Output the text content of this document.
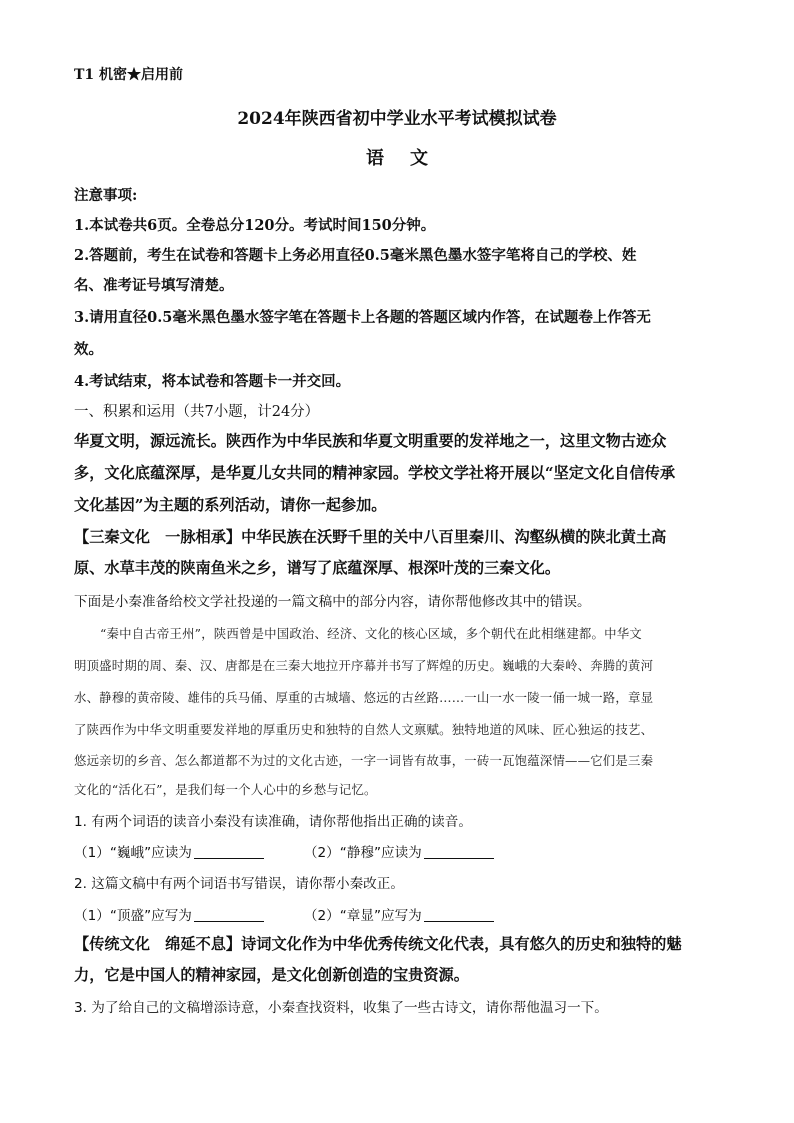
T1 机密★启用前
2024年陕西省初中学业水平考试模拟试卷
语文
注意事项:
1.本试卷共6页。全卷总分120分。考试时间150分钟。
2.答题前，考生在试卷和答题卡上务必用直径0.5毫米黑色墨水签字笔将自己的学校、姓
名、准考证号填写清楚。
3.请用直径0.5毫米黑色墨水签字笔在答题卡上各题的答题区域内作答，在试题卷上作答无
效。
4.考试结束，将本试卷和答题卡一并交回。
一、积累和运用（共7小题，计24分）
华夏文明，源远流长。陕西作为中华民族和华夏文明重要的发祥地之一，这里文物古迹众
多，文化底蕴深厚，是华夏儿女共同的精神家园。学校文学社将开展以“坚定文化自信传承
文化基因”为主题的系列活动，请你一起参加。
【三秦文化　一脉相承】中华民族在沃野千里的关中八百里秦川、沟壑纵横的陕北黄土高
原、水草丰茂的陕南鱼米之乡，谱写了底蕴深厚、根深叶茂的三秦文化。
下面是小秦准备给校文学社投递的一篇文稿中的部分内容，请你帮他修改其中的错误。
“秦中自古帝王州”，陕西曾是中国政治、经济、文化的核心区域，多个朝代在此相继建都。中华文
明顶盛时期的周、秦、汉、唐都是在三秦大地拉开序幕并书写了辉煌的历史。巍峨的大秦岭、奔腾的黄河
水、静穆的黄帝陵、雄伟的兵马俑、厚重的古城墙、悠远的古丝路……一山一水一陵一俑一城一路，章显
了陕西作为中华文明重要发祥地的厚重历史和独特的自然人文禀赋。独特地道的风味、匠心独运的技艺、
悠远亲切的乡音、怎么都道都不为过的文化古迹，一字一词皆有故事，一砖一瓦饱蕴深情——它们是三秦
文化的“活化石”，是我们每一个人心中的乡愁与记忆。
1. 有两个词语的读音小秦没有读准确，请你帮他指出正确的读音。
（1）“巍峨”应读为	（2）“静穆”应读为
2. 这篇文稿中有两个词语书写错误，请你帮小秦改正。
（1）“顶盛”应写为	（2）“章显”应写为
【传统文化　绵延不息】诗词文化作为中华优秀传统文化代表，具有悠久的历史和独特的魅
力，它是中国人的精神家园，是文化创新创造的宝贵资源。
3. 为了给自己的文稿增添诗意，小秦查找资料，收集了一些古诗文，请你帮他温习一下。
